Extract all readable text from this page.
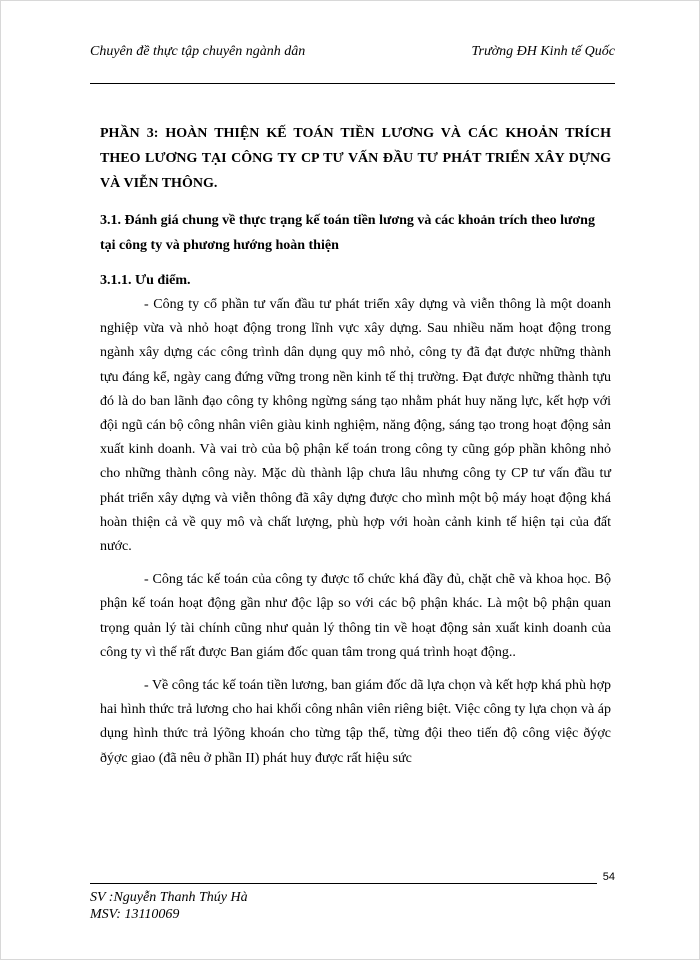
Chuyên đề thực tập chuyên ngành dân	Trường ĐH Kinh tế Quốc

PHẦN 3: HOÀN THIỆN KẾ TOÁN TIỀN LƯƠNG VÀ CÁC KHOẢN TRÍCH THEO LƯƠNG TẠI CÔNG TY CP TƯ VẤN ĐẦU TƯ PHÁT TRIỂN XÂY DỰNG VÀ VIỄN THÔNG.

3.1. Đánh giá chung về thực trạng kế toán tiền lương và các khoản trích theo lương tại công ty và phương hướng hoàn thiện

3.1.1. Ưu điểm.

- Công ty cổ phần tư vấn đầu tư phát triển xây dựng và viễn thông là một doanh nghiệp vừa và nhỏ hoạt động trong lĩnh vực xây dựng. Sau nhiều năm hoạt động trong ngành xây dựng các công trình dân dụng quy mô nhỏ, công ty đã đạt được những thành tựu đáng kể, ngày cang đứng vững trong nền kinh tế thị trường. Đạt được những thành tựu đó là do ban lãnh đạo công ty không ngừng sáng tạo nhằm phát huy năng lực, kết hợp với đội ngũ cán bộ công nhân viên giàu kinh nghiệm, năng động, sáng tạo trong hoạt động sản xuất kinh doanh. Và vai trò của bộ phận kế toán trong công ty cũng góp phần không nhỏ cho những thành công này. Mặc dù thành lập chưa lâu nhưng công ty CP tư vấn đầu tư phát triển xây dựng và viễn thông đã xây dựng được cho mình một bộ máy hoạt động khá hoàn thiện cả về quy mô và chất lượng, phù hợp với hoàn cảnh kinh tế hiện tại của đất nước.

- Công tác kế toán của công ty được tổ chức khá đầy đủ, chặt chẽ và khoa học. Bộ phận kế toán hoạt động gần như độc lập so với các bộ phận khác. Là một bộ phận quan trọng quản lý tài chính cũng như quản lý thông tin về hoạt động sản xuất kinh doanh của công ty vì thế rất được Ban giám đốc quan tâm trong quá trình hoạt động..

- Về công tác kế toán tiền lương, ban giám đốc dã lựa chọn và kết hợp khá phù hợp hai hình thức trả lương cho hai khối công nhân viên riêng biệt. Việc công ty lựa chọn và áp dụng hình thức trả lýõng khoán cho từng tập thể, từng đội theo tiến độ công việc ðýợc ðýợc giao (đã nêu ở phần II) phát huy được rất hiệu sức

54
SV :Nguyễn Thanh Thúy Hà
MSV: 13110069
